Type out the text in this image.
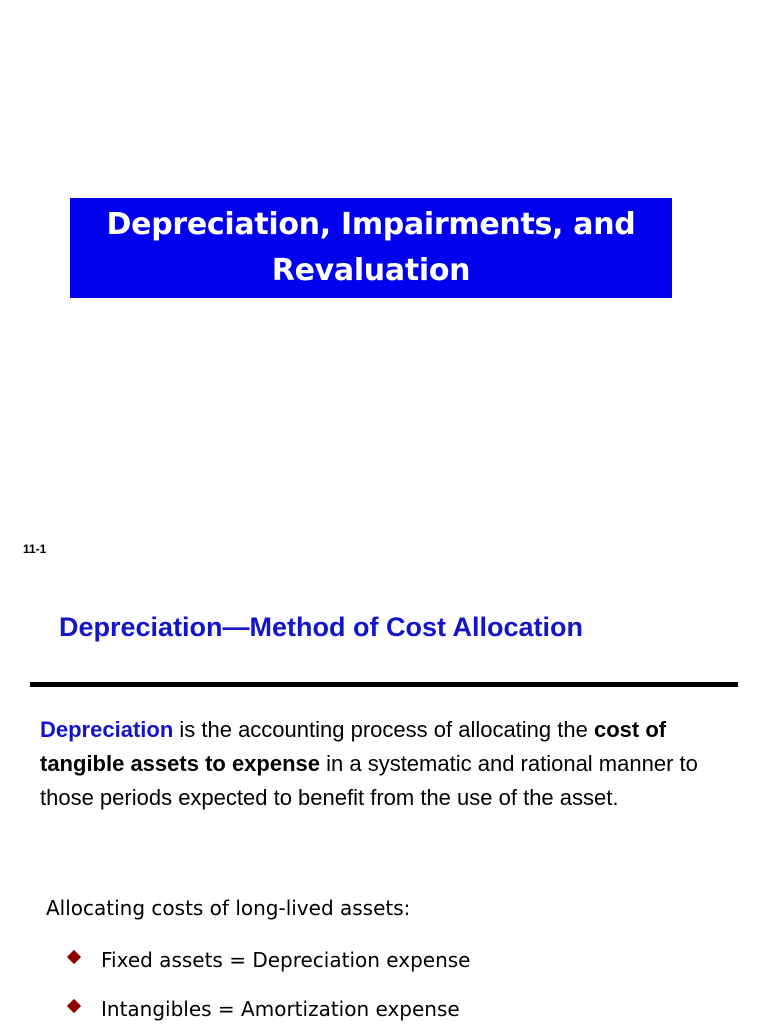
Depreciation, Impairments, and
Revaluation
11-1
Depreciation—Method of Cost Allocation
Depreciation is the accounting process of allocating the cost of tangible assets to expense in a systematic and rational manner to those periods expected to benefit from the use of the asset.
Allocating costs of long-lived assets:
Fixed assets = Depreciation expense
Intangibles = Amortization expense
